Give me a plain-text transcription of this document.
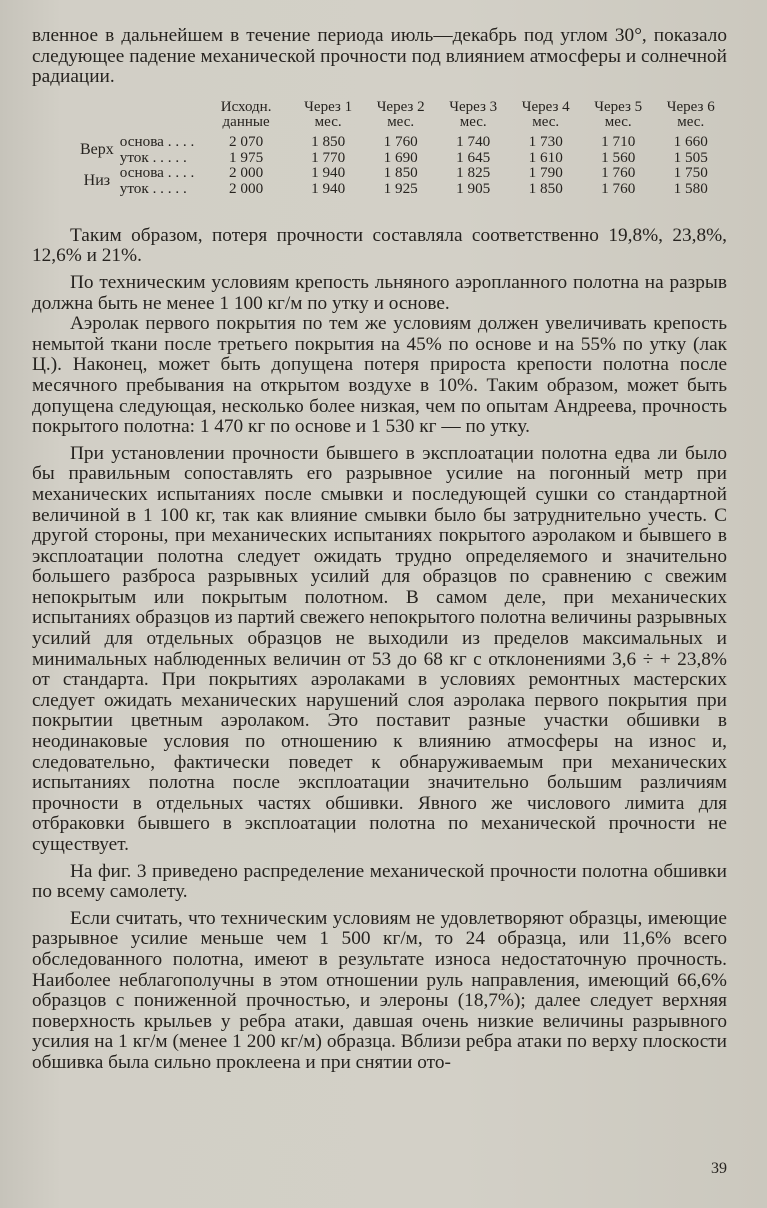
вленное в дальнейшем в течение периода июль—декабрь под углом 30°, показало следующее падение механической прочности под влиянием атмосферы и солнечной радиации.

		Исходн. данные	Через 1 мес.	Через 2 мес.	Через 3 мес.	Через 4 мес.	Через 5 мес.	Через 6 мес.
Верх	основа . . . .	2 070	1 850	1 760	1 740	1 730	1 710	1 660
	уток . . . . .	1 975	1 770	1 690	1 645	1 610	1 560	1 505
Низ	основа . . . .	2 000	1 940	1 850	1 825	1 790	1 760	1 750
	уток . . . . .	2 000	1 940	1 925	1 905	1 850	1 760	1 580

Таким образом, потеря прочности составляла соответственно 19,8%, 23,8%, 12,6% и 21%.

По техническим условиям крепость льняного аэроплaнного полотна на разрыв должна быть не менее 1 100 кг/м по утку и основе.

Аэролак первого покрытия по тем же условиям должен увеличивать крепость немытой ткани после третьего покрытия на 45% по основе и на 55% по утку (лак Ц.). Наконец, может быть допущена потеря прироста крепости полотна после месячного пребывания на открытом воздухе в 10%. Таким образом, может быть допущена следующая, несколько более низкая, чем по опытам Андреева, прочность покрытого полотна: 1 470 кг по основе и 1 530 кг — по утку.

При установлении прочности бывшего в эксплоатации полотна едва ли было бы правильным сопоставлять его разрывное усилие на погонный метр при механических испытаниях после смывки и последующей сушки со стандартной величиной в 1 100 кг, так как влияние смывки было бы затруднительно учесть. С другой стороны, при механических испытаниях покрытого аэролаком и бывшего в эксплоатации полотна следует ожидать трудно определяемого и значительно большего разброса разрывных усилий для образцов по сравнению с свежим непокрытым или покрытым полотном. В самом деле, при механических испытаниях образцов из партий свежего непокрытого полотна величины разрывных усилий для отдельных образцов не выходили из пределов максимальных и минимальных наблюденных величин от 53 до 68 кг с отклонениями 3,6 ÷ + 23,8% от стандарта. При покрытиях аэролаками в условиях ремонтных мастерских следует ожидать механических нарушений слоя аэролака первого покрытия при покрытии цветным аэролаком. Это поставит разные участки обшивки в неодинаковые условия по отношению к влиянию атмосферы на износ и, следовательно, фактически поведет к обнаруживаемым при механических испытаниях полотна после эксплоатации значительно большим различиям прочности в отдельных частях обшивки. Явного же числового лимита для отбраковки бывшего в эксплоатации полотна по механической прочности не существует.

На фиг. 3 приведено распределение механической прочности полотна обшивки по всему самолету.

Если считать, что техническим условиям не удовлетворяют образцы, имеющие разрывное усилие меньше чем 1 500 кг/м, то 24 образца, или 11,6% всего обследованного полотна, имеют в результате износа недостаточную прочность. Наиболее неблагополучны в этом отношении руль направления, имеющий 66,6% образцов с пониженной прочностью, и элероны (18,7%); далее следует верхняя поверхность крыльев у ребра атаки, давшая очень низкие величины разрывного усилия на 1 кг/м (менее 1 200 кг/м) образца. Вблизи ребра атаки по верху плоскости обшивка была сильно проклеена и при снятии ото-

39
